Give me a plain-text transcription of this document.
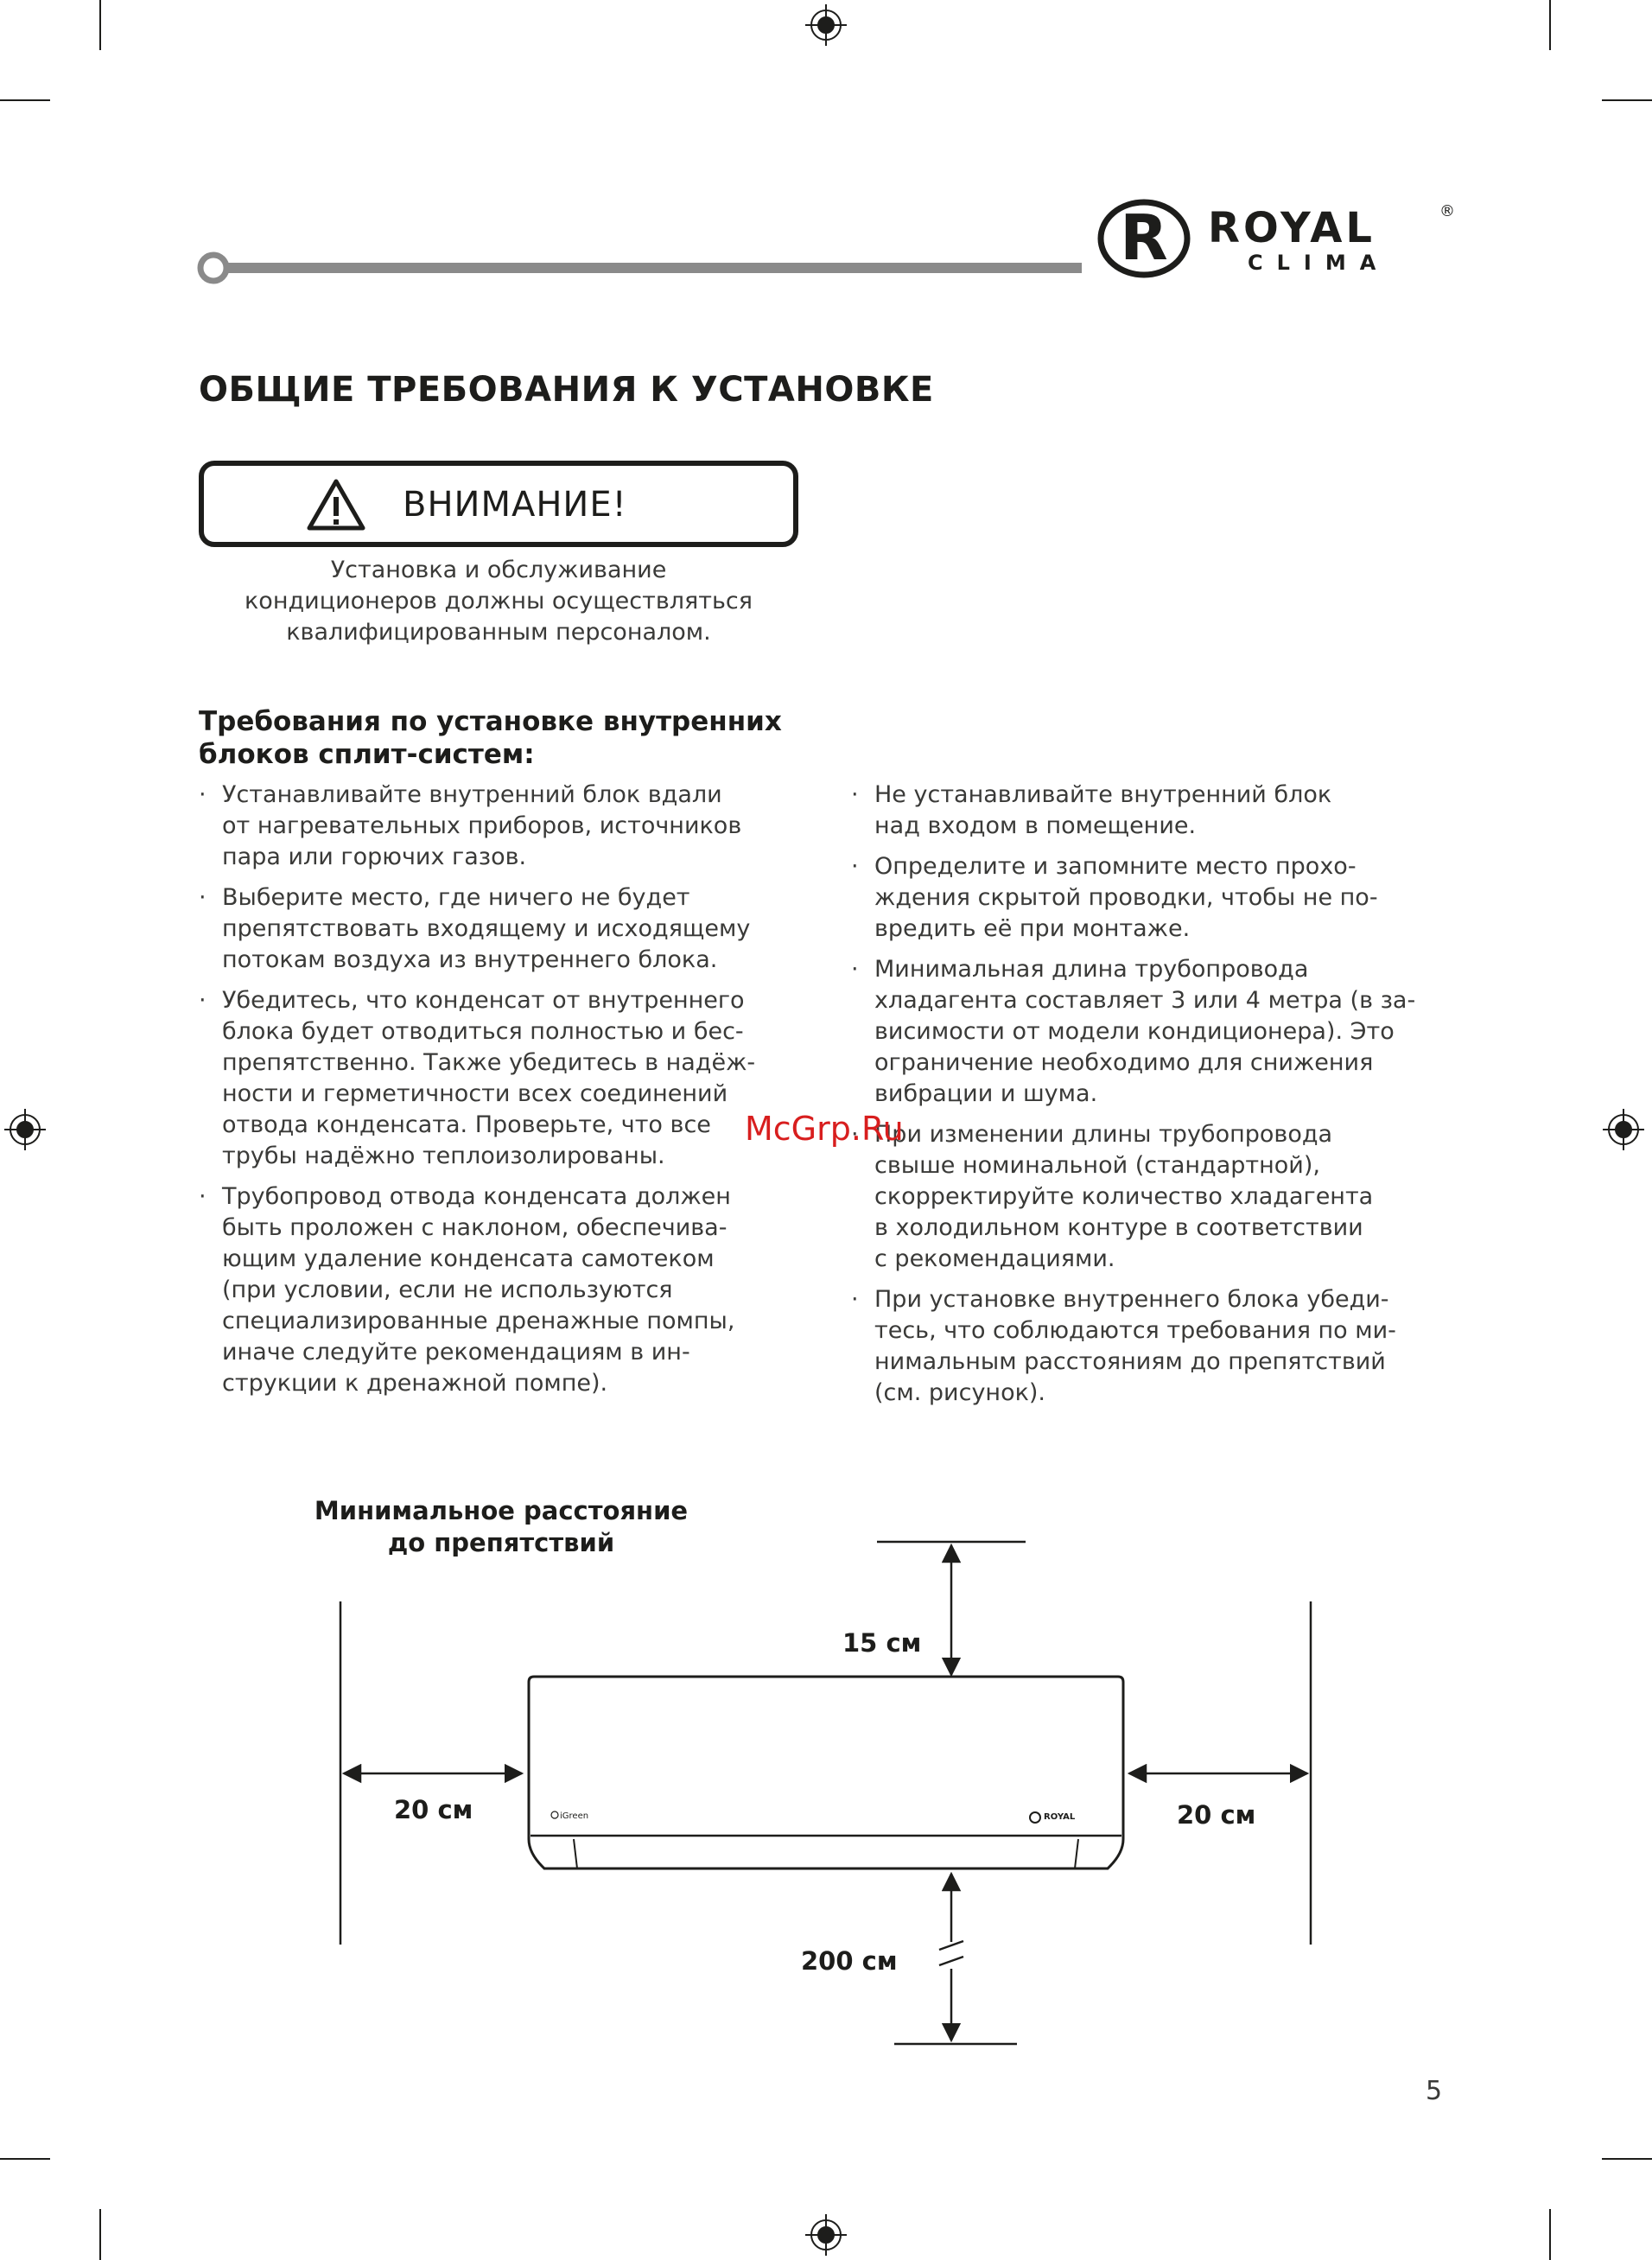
R ROYAL	®
CLIMA
ОБЩИЕ ТРЕБОВАНИЯ К УСТАНОВКЕ
ВНИМАНИЕ!
Установка и обслуживание
кондиционеров должны осуществляться
квалифицированным персоналом.
Требования по установке внутренних
блоков сплит-систем:
· Устанавливайте внутренний блок вдали
от нагревательных приборов, источников
пара или горючих газов.
· Выберите место, где ничего не будет
препятствовать входящему и исходящему
потокам воздуха из внутреннего блока.
· Убедитесь, что конденсат от внутреннего
блока будет отводиться полностью и бес-
препятственно. Также убедитесь в надёж-
ности и герметичности всех соединений
отвода конденсата. Проверьте, что все
трубы надёжно теплоизолированы.
· Трубопровод отвода конденсата должен
быть проложен с наклоном, обеспечива-
ющим удаление конденсата самотеком
(при условии, если не используются
специализированные дренажные помпы,
иначе следуйте рекомендациям в ин-
струкции к дренажной помпе).
· Не устанавливайте внутренний блок
над входом в помещение.
· Определите и запомните место прохо-
ждения скрытой проводки, чтобы не по-
вредить её при монтаже.
· Минимальная длина трубопровода
хладагента составляет 3 или 4 метра (в за-
висимости от модели кондиционера). Это
ограничение необходимо для снижения
вибрации и шума.
· При изменении длины трубопровода
свыше номинальной (стандартной),
скорректируйте количество хладагента
в холодильном контуре в соответствии
с рекомендациями.
· При установке внутреннего блока убеди-
тесь, что соблюдаются требования по ми-
нимальным расстояниям до препятствий
(см. рисунок).
McGrp.Ru
Минимальное расстояние
до препятствий
iGreen	ROYAL
15 см
20 см	20 см
200 см
5
